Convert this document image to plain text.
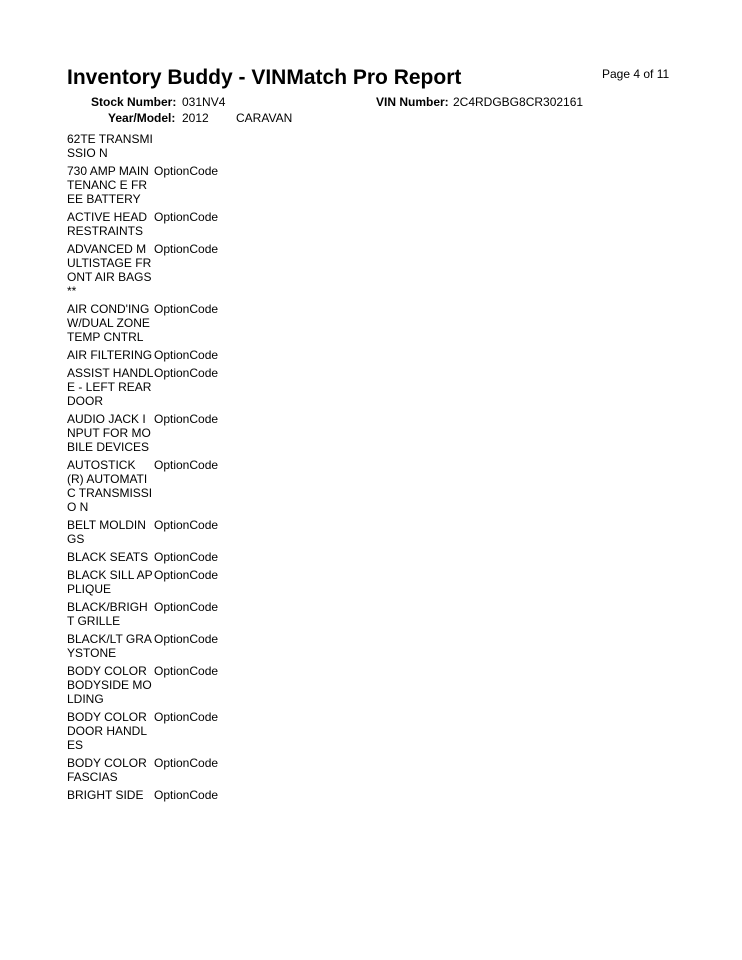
Page 4 of 11
Inventory Buddy - VINMatch Pro Report
Stock Number: 031NV4	VIN Number: 2C4RDGBG8CR302161
Year/Model: 2012 CARAVAN
62TE TRANSMISSIO N
730 AMP MAINTENANC E FREE BATTERY
OptionCode
ACTIVE HEAD RESTRAINTS
OptionCode
ADVANCED MULTISTAGE FRONT AIR BAGS**
OptionCode
AIR COND'ING W/DUAL ZONE TEMP CNTRL
OptionCode
AIR FILTERING OptionCode
ASSIST HANDLE - LEFT REAR DOOR
OptionCode
AUDIO JACK INPUT FOR MOBILE DEVICES
OptionCode
AUTOSTICK (R) AUTOMATIC TRANSMISSIO N
OptionCode
BELT MOLDINGS
OptionCode
BLACK SEATS OptionCode
BLACK SILL APPLIQUE
OptionCode
BLACK/BRIGH T GRILLE
OptionCode
BLACK/LT GRAYSTONE
OptionCode
BODY COLOR BODYSIDE MOLDING
OptionCode
BODY COLOR DOOR HANDLES
OptionCode
BODY COLOR FASCIAS
OptionCode
BRIGHT SIDE OptionCode
